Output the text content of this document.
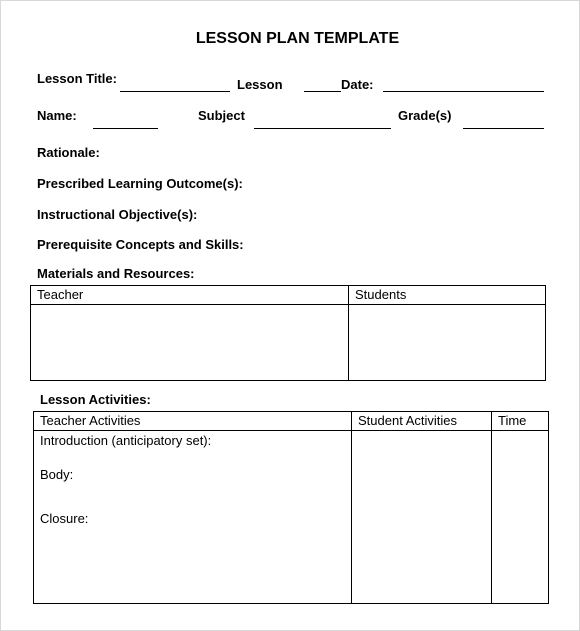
LESSON PLAN TEMPLATE
Lesson Title:	Lesson	Date:
Name:	Subject	Grade(s)
Rationale:
Prescribed Learning Outcome(s):
Instructional Objective(s):
Prerequisite Concepts and Skills:
Materials and Resources:
Teacher	Students

Lesson Activities:
Teacher Activities	Student Activities	Time

Introduction (anticipatory set):
Body:
Closure:		
